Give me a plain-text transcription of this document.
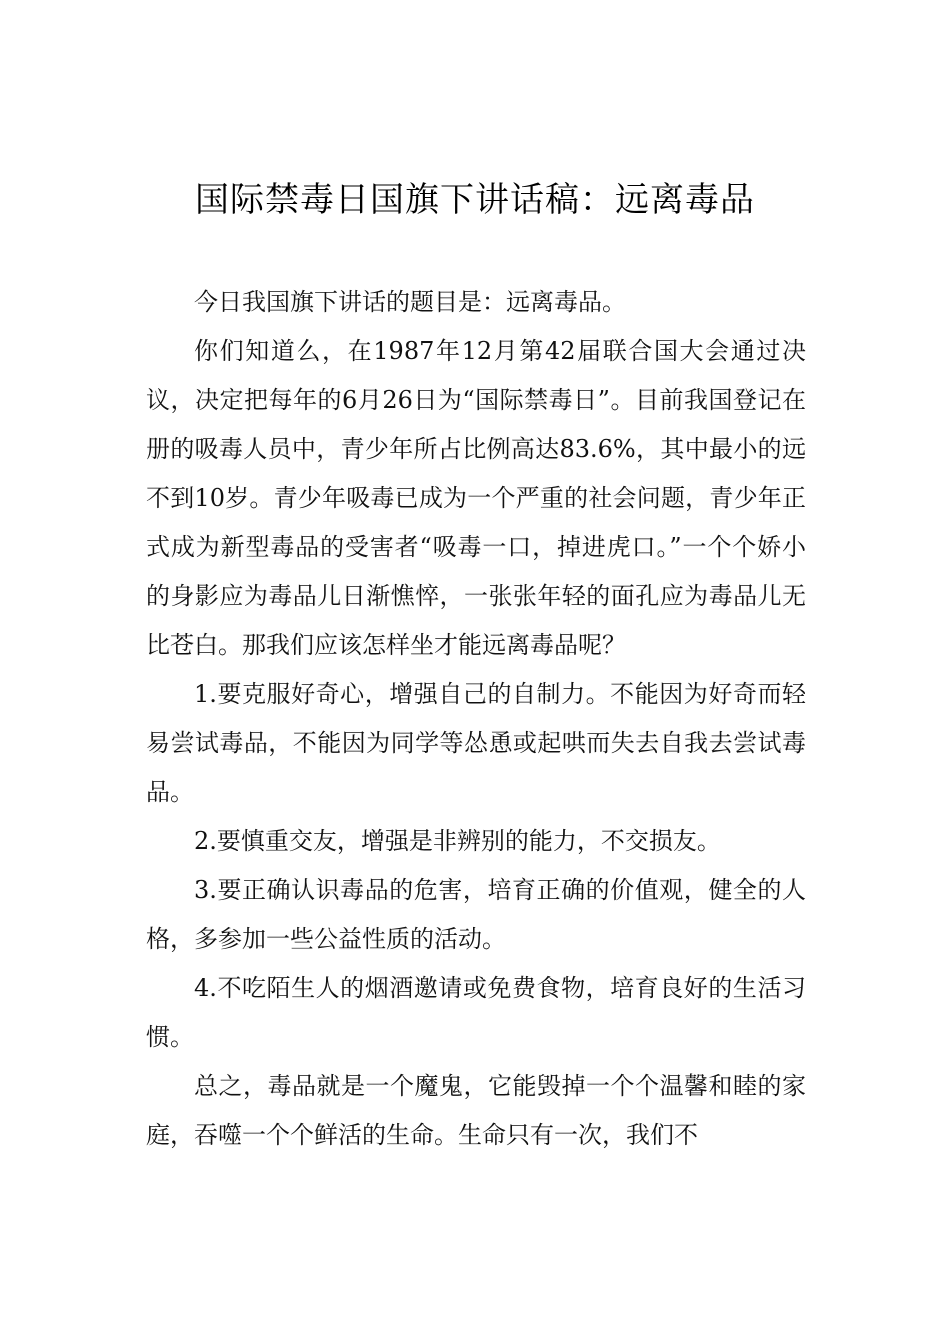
国际禁毒日国旗下讲话稿：远离毒品

今日我国旗下讲话的题目是：远离毒品。

你们知道么，在1987年12月第42届联合国大会通过决议，决定把每年的6月26日为“国际禁毒日”。目前我国登记在册的吸毒人员中，青少年所占比例高达83.6%，其中最小的远不到10岁。青少年吸毒已成为一个严重的社会问题，青少年正式成为新型毒品的受害者“吸毒一口，掉进虎口。”一个个娇小的身影应为毒品儿日渐憔悴，一张张年轻的面孔应为毒品儿无比苍白。那我们应该怎样坐才能远离毒品呢？

1.要克服好奇心，增强自己的自制力。不能因为好奇而轻易尝试毒品，不能因为同学等怂恿或起哄而失去自我去尝试毒品。

2.要慎重交友，增强是非辨别的能力，不交损友。

3.要正确认识毒品的危害，培育正确的价值观，健全的人格，多参加一些公益性质的活动。

4.不吃陌生人的烟酒邀请或免费食物，培育良好的生活习惯。

总之，毒品就是一个魔鬼，它能毁掉一个个温馨和睦的家庭，吞噬一个个鲜活的生命。生命只有一次，我们不
